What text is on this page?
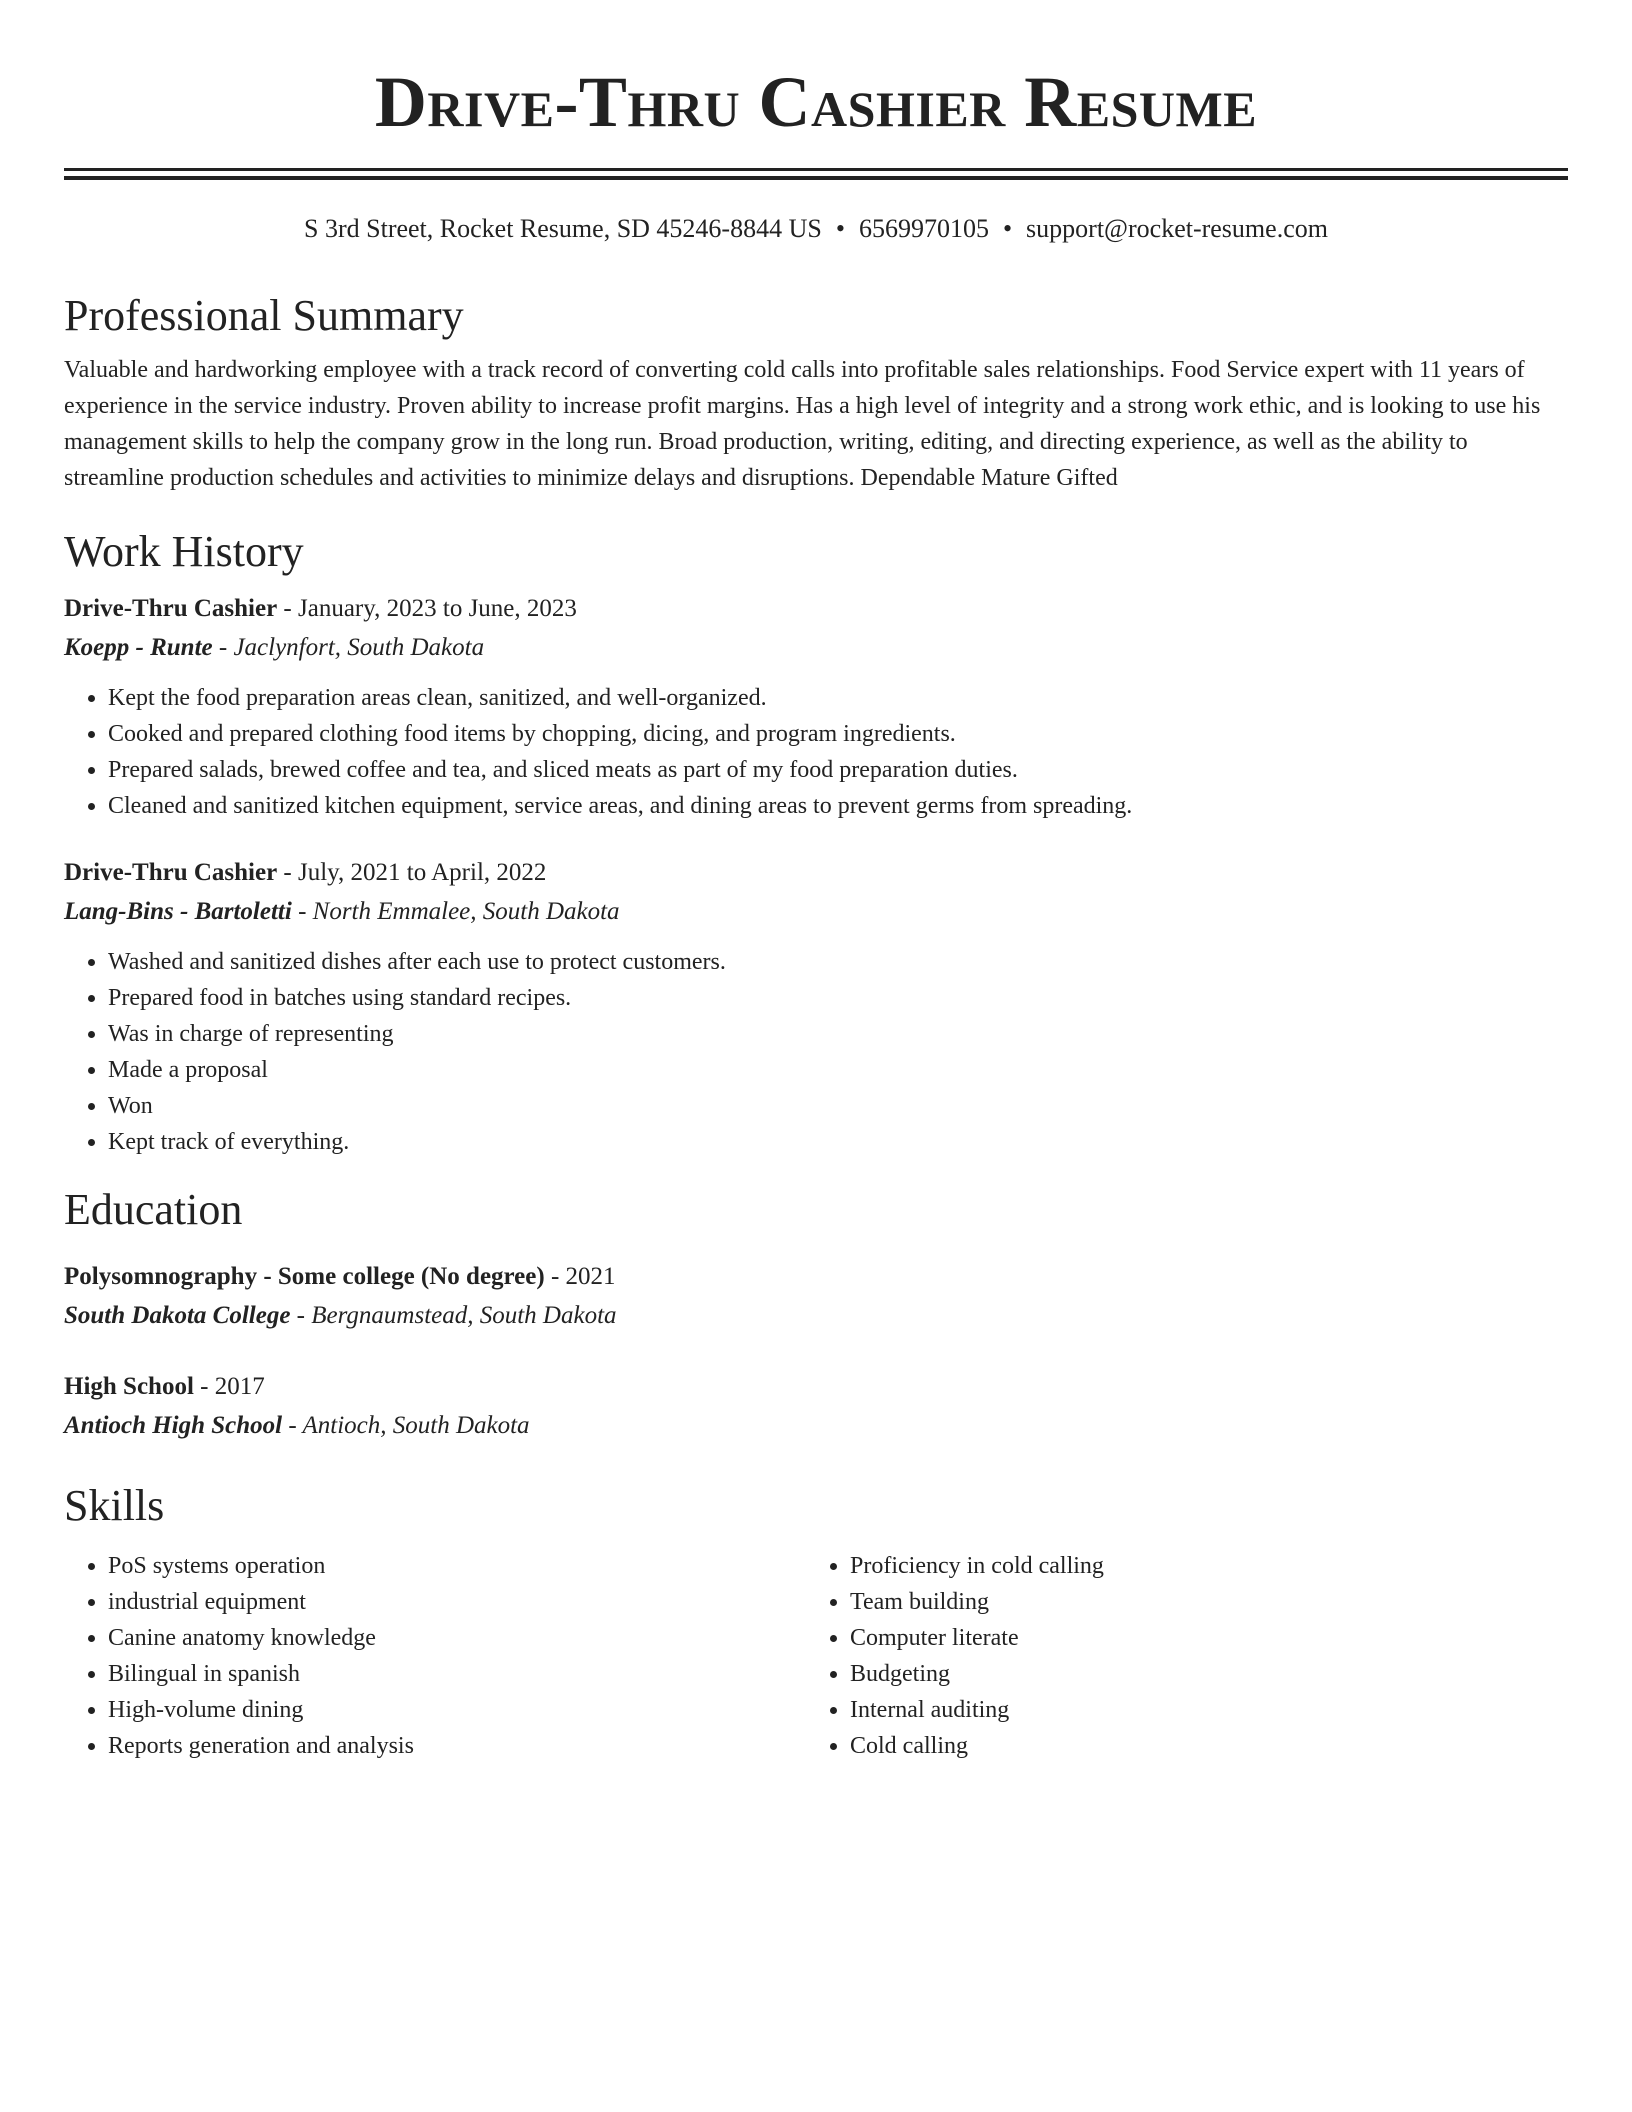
Drive-Thru Cashier Resume
S 3rd Street, Rocket Resume, SD 45246-8844 US • 6569970105 • support@rocket-resume.com
Professional Summary

Valuable and hardworking employee with a track record of converting cold calls into profitable sales relationships. Food Service expert with 11 years of experience in the service industry. Proven ability to increase profit margins. Has a high level of integrity and a strong work ethic, and is looking to use his management skills to help the company grow in the long run. Broad production, writing, editing, and directing experience, as well as the ability to streamline production schedules and activities to minimize delays and disruptions. Dependable Mature Gifted

Work History
Drive-Thru Cashier - January, 2023 to June, 2023
Koepp - Runte - Jaclynfort, South Dakota
• Kept the food preparation areas clean, sanitized, and well-organized.
• Cooked and prepared clothing food items by chopping, dicing, and program ingredients.
• Prepared salads, brewed coffee and tea, and sliced meats as part of my food preparation duties.
• Cleaned and sanitized kitchen equipment, service areas, and dining areas to prevent germs from spreading.
Drive-Thru Cashier - July, 2021 to April, 2022
Lang-Bins - Bartoletti - North Emmalee, South Dakota
• Washed and sanitized dishes after each use to protect customers.
• Prepared food in batches using standard recipes.
• Was in charge of representing
• Made a proposal
• Won
• Kept track of everything.
Education
Polysomnography - Some college (No degree) - 2021
South Dakota College - Bergnaumstead, South Dakota
High School - 2017
Antioch High School - Antioch, South Dakota
Skills
• PoS systems operation
• industrial equipment
• Canine anatomy knowledge
• Bilingual in spanish
• High-volume dining
• Reports generation and analysis
• Proficiency in cold calling
• Team building
• Computer literate
• Budgeting
• Internal auditing
• Cold calling
